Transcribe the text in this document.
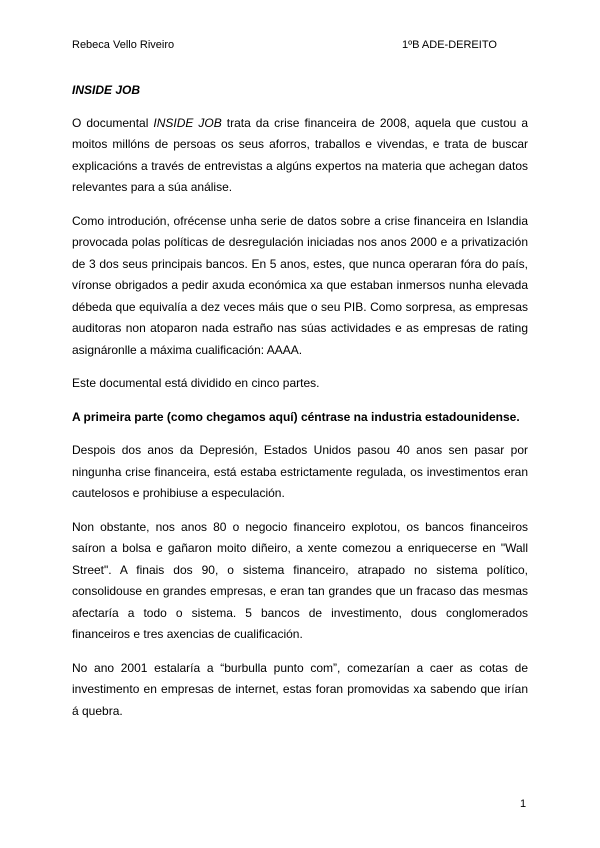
Rebeca Vello Riveiro	1ºB ADE-DEREITO
INSIDE JOB
O documental INSIDE JOB trata da crise financeira de 2008, aquela que custou a moitos millóns de persoas os seus aforros, traballos e vivendas, e trata de buscar explicacións a través de entrevistas a algúns expertos na materia que achegan datos relevantes para a súa análise.
Como introdución, ofrécense unha serie de datos sobre a crise financeira en Islandia provocada polas políticas de desregulación iniciadas nos anos 2000 e a privatización de 3 dos seus principais bancos. En 5 anos, estes, que nunca operaran fóra do país, víronse obrigados a pedir axuda económica xa que estaban inmersos nunha elevada débeda que equivalía a dez veces máis que o seu PIB. Como sorpresa, as empresas auditoras non atoparon nada estraño nas súas actividades e as empresas de rating asignáronlle a máxima cualificación: AAAA.
Este documental está dividido en cinco partes.
A primeira parte (como chegamos aquí) céntrase na industria estadounidense.
Despois dos anos da Depresión, Estados Unidos pasou 40 anos sen pasar por ningunha crise financeira, está estaba estrictamente regulada, os investimentos eran cautelosos e prohibiuse a especulación.
Non obstante, nos anos 80 o negocio financeiro explotou, os bancos financeiros saíron a bolsa e gañaron moito diñeiro, a xente comezou a enriquecerse en "Wall Street". A finais dos 90, o sistema financeiro, atrapado no sistema político, consolidouse en grandes empresas, e eran tan grandes que un fracaso das mesmas afectaría a todo o sistema. 5 bancos de investimento, dous conglomerados financeiros e tres axencias de cualificación.
No ano 2001 estalaría a “burbulla punto com”, comezarían a caer as cotas de investimento en empresas de internet, estas foran promovidas xa sabendo que irían á quebra.
1
